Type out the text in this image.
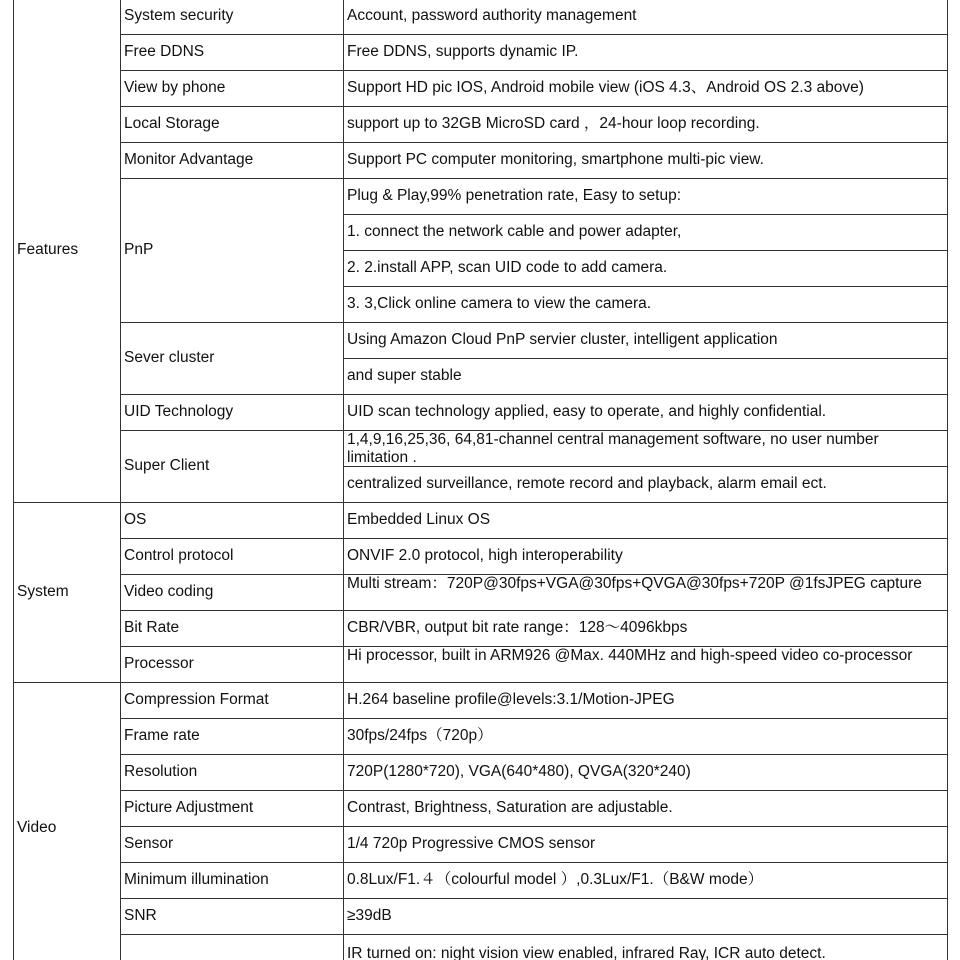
Account, password authority management
System security
Free DDNS, supports dynamic IP.
Free DDNS
Support HD pic IOS, Android mobile view (iOS 4.3、Android OS 2.3 above)
View by phone
support up to 32GB MicroSD card ，24-hour loop recording.
Local Storage
Support PC computer monitoring, smartphone multi-pic view.
Monitor Advantage
Plug & Play,99% penetration rate, Easy to setup:
1. connect the network cable and power adapter,
2. 2.install APP, scan UID code to add camera.
3. 3,Click online camera to view the camera.
PnP
Using Amazon Cloud PnP servier cluster, intelligent application
and super stable
Sever cluster
UID scan technology applied, easy to operate, and highly confidential.
UID Technology
1,4,9,16,25,36, 64,81-channel central management software, no user number limitation .
centralized surveillance, remote record and playback, alarm email ect.
Super Client
Features
Embedded Linux OS
OS
ONVIF 2.0 protocol, high interoperability
Control protocol
Multi stream：720P@30fps+VGA@30fps+QVGA@30fps+720P @1fsJPEG capture
Video coding
CBR/VBR, output bit rate range：128～4096kbps
Bit Rate
Hi processor, built in ARM926 @Max. 440MHz and high-speed video co-processor
Processor
System
H.264 baseline profile@levels:3.1/Motion-JPEG
Compression Format
30fps/24fps（720p）
Frame rate
720P(1280*720), VGA(640*480), QVGA(320*240)
Resolution
Contrast, Brightness, Saturation are adjustable.
Picture Adjustment
1/4 720p Progressive CMOS sensor
Sensor
0.8Lux/F1.４（colourful model ）,0.3Lux/F1.（B&W mode）
Minimum illumination
≥39dB
SNR
IR turned on: night vision view enabled, infrared Ray, ICR auto detect.
Video
